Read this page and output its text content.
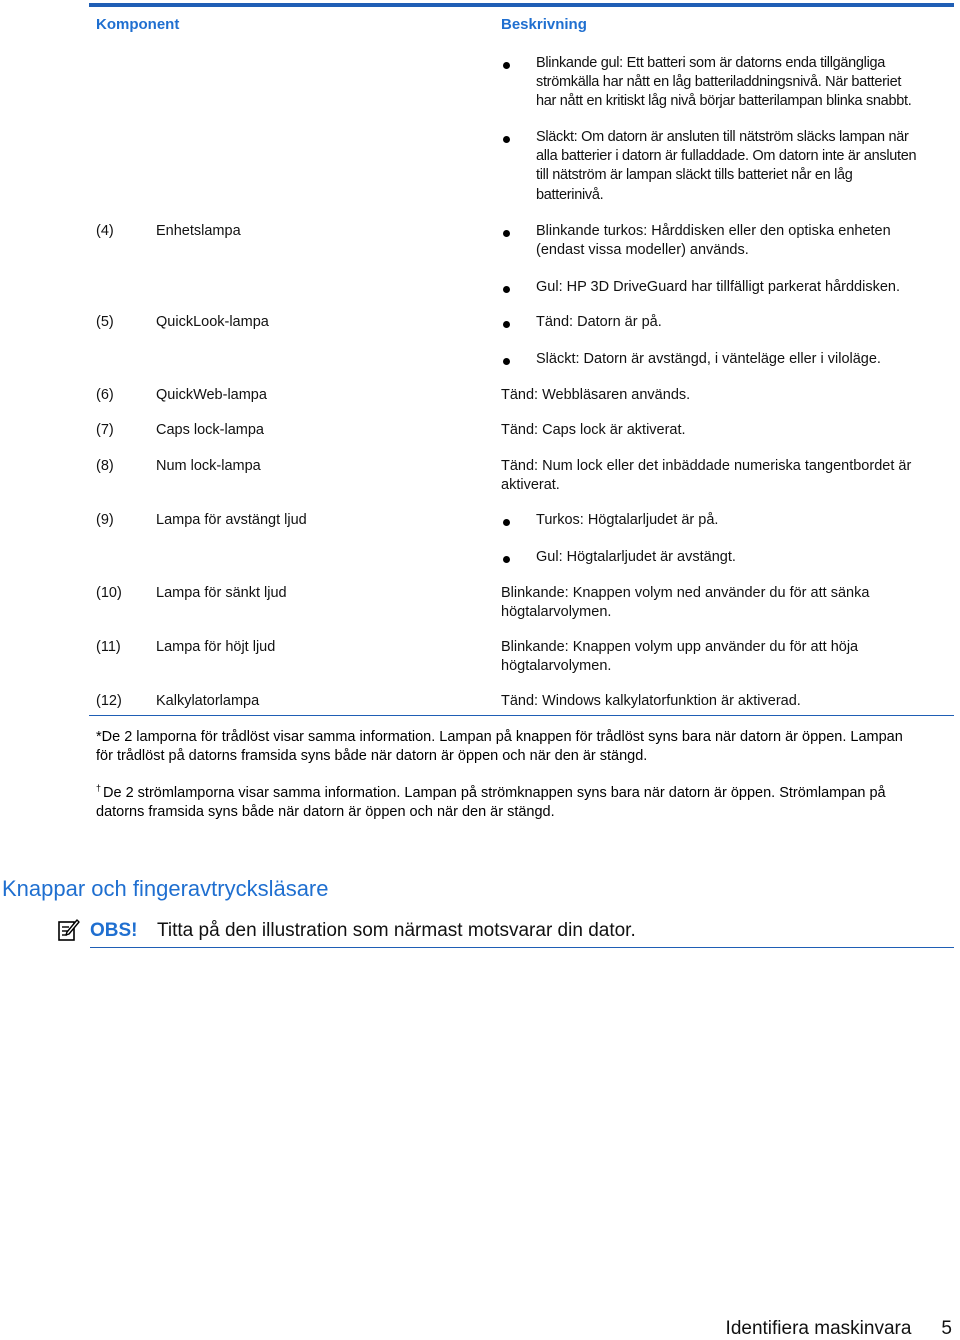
Komponent	Beskrivning
Blinkande gul: Ett batteri som är datorns enda tillgängliga
strömkälla har nått en låg batteriladdningsnivå. När batteriet
har nått en kritiskt låg nivå börjar batterilampan blinka snabbt.
Släckt: Om datorn är ansluten till nätström släcks lampan när
alla batterier i datorn är fulladdade. Om datorn inte är ansluten
till nätström är lampan släckt tills batteriet når en låg
batterinivå.
(4)	Enhetslampa	Blinkande turkos: Hårddisken eller den optiska enheten
(endast vissa modeller) används.
Gul: HP 3D DriveGuard har tillfälligt parkerat hårddisken.
(5)	QuickLook-lampa	Tänd: Datorn är på.
Släckt: Datorn är avstängd, i vänteläge eller i viloläge.
(6)	QuickWeb-lampa	Tänd: Webbläsaren används.
(7)	Caps lock-lampa	Tänd: Caps lock är aktiverat.
(8)	Num lock-lampa	Tänd: Num lock eller det inbäddade numeriska tangentbordet är
aktiverat.
(9)	Lampa för avstängt ljud	Turkos: Högtalarljudet är på.
Gul: Högtalarljudet är avstängt.
(10) Lampa för sänkt ljud	Blinkande: Knappen volym ned använder du för att sänka
högtalarvolymen.
(11) Lampa för höjt ljud	Blinkande: Knappen volym upp använder du för att höja
högtalarvolymen.
(12) Kalkylatorlampa	Tänd: Windows kalkylatorfunktion är aktiverad.
*De 2 lamporna för trådlöst visar samma information. Lampan på knappen för trådlöst syns bara när datorn är öppen. Lampan
för trådlöst på datorns framsida syns både när datorn är öppen och när den är stängd.
† De 2 strömlamporna visar samma information. Lampan på strömknappen syns bara när datorn är öppen. Strömlampan på
datorns framsida syns både när datorn är öppen och när den är stängd.
Knappar och fingeravtrycksläsare
OBS! Titta på den illustration som närmast motsvarar din dator.
Identifiera maskinvara 5
